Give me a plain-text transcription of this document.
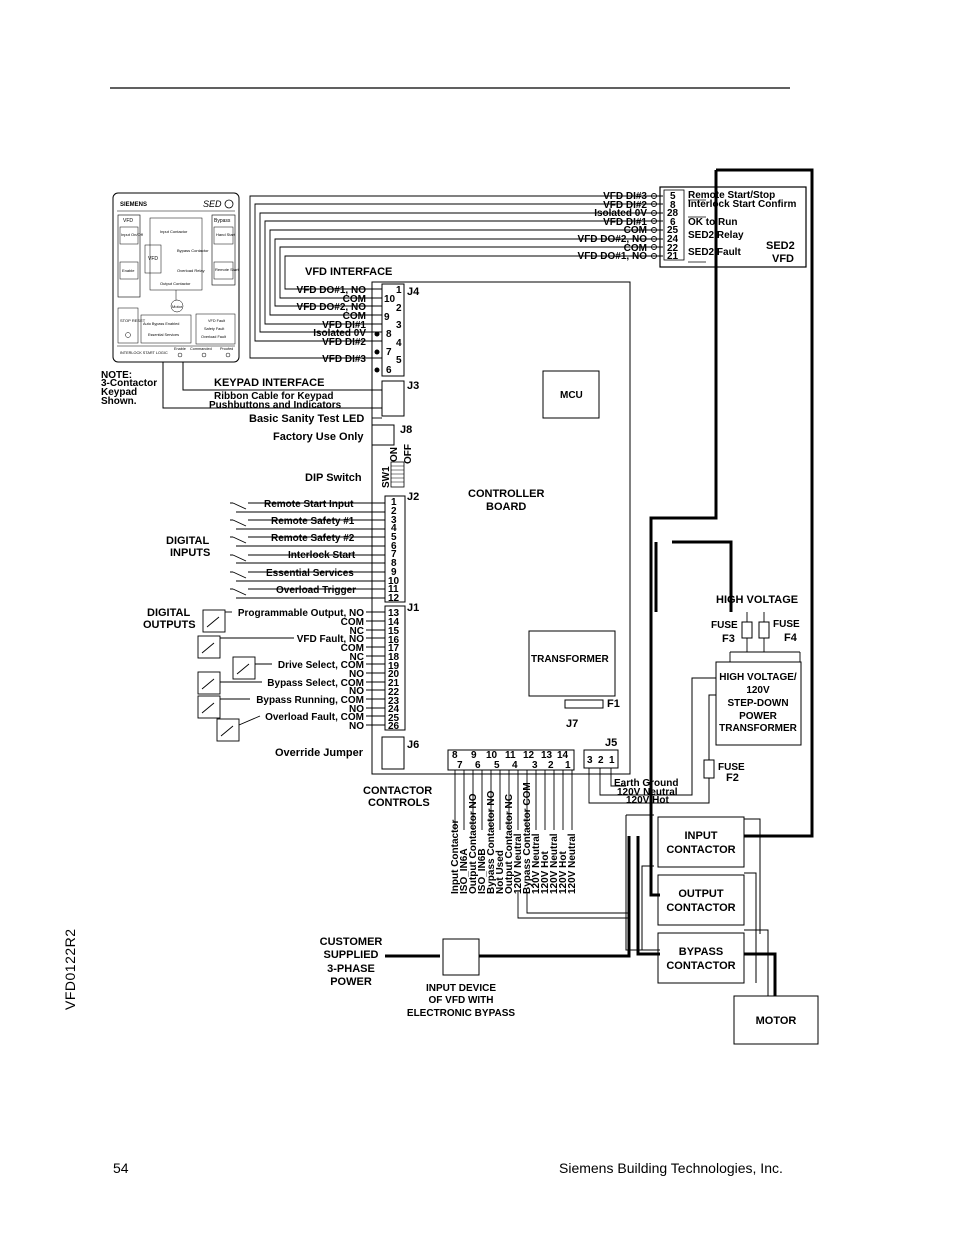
SIEMENS	SED
VFD
Input On/Off
Enable
VFD
Input Contactor
Bypass Contactor
Overload Relay
Output Contactor
Motor
Bypass
Hand Start
Remote Start
STOP RESET
Auto Bypass Enabled
Essential Services
VFD Fault
Safety Fault
Overload Fault
INTERLOCK START LOGIC
Enable Commanded Proofed
NOTE:
3-Contactor
Keypad
Shown.
5
8
28
6
25
24
22
21
VFD DI#3
VFD DI#2
Isolated 0V
VFD DI#1
COM
VFD DO#2, NO
COM
VFD DO#1, NO
Remote Start/Stop
Interlock Start Confirm
OK to Run
SED2 Relay
SED2 Fault
SED2
VFD
1
10
2
9
3
8
4
7
5
6
J4
VFD INTERFACE
VFD DO#1, NO
COM
VFD DO#2, NO
COM
VFD DI#1
Isolated 0V
VFD DI#2
VFD DI#3
J3
KEYPAD INTERFACE
Ribbon Cable for Keypad
Pushbuttons and Indicators
Basic Sanity Test LED
J8
Factory Use Only
DIP Switch SW1
ON OFF
MCU
CONTROLLER
BOARD
TRANSFORMER
F1
J7
1
2
3
4
5
6
7
8
9
10
11
12
J2
Remote Start Input
Remote Safety #1
Remote Safety #2
Interlock Start
Essential Services
Overload Trigger
DIGITAL
INPUTS
13
14
15
16
17
18
19
20
21
22
23
24
25
26
J1
Programmable Output, NO
COM
NC
VFD Fault, NO
COM
NC
Drive Select, COM
NO
Bypass Select, COM
NO
Bypass Running, COM
NO
Overload Fault, COM
NO
DIGITAL
OUTPUTS
J6
Override Jumper	8 9 10 11 12 13 14
7 6 5 4 3 2 1
CONTACTOR
CONTROLS
Input Contactor
ISO_IN6A
Output Contactor NO
ISO_IN6B
Bypass Contactor NO
Not Used
Output Contactor NC
120V Neutral
Bypass Contactor COM
120V Neutral
120V Hot
120V Neutral
120V Hot
120V Neutral
3 2 1
J5
Earth Ground
120V Neutral
120V Hot
HIGH VOLTAGE
FUSE
F3
FUSE
F4
HIGH VOLTAGE/
120V
STEP-DOWN
POWER
TRANSFORMER
FUSE
F2
INPUT
CONTACTOR
OUTPUT
CONTACTOR
BYPASS
CONTACTOR
MOTOR
CUSTOMER
SUPPLIED
3-PHASE
POWER
INPUT DEVICE
OF VFD WITH
ELECTRONIC BYPASS
VFD0122R2
54	Siemens Building Technologies, Inc.
